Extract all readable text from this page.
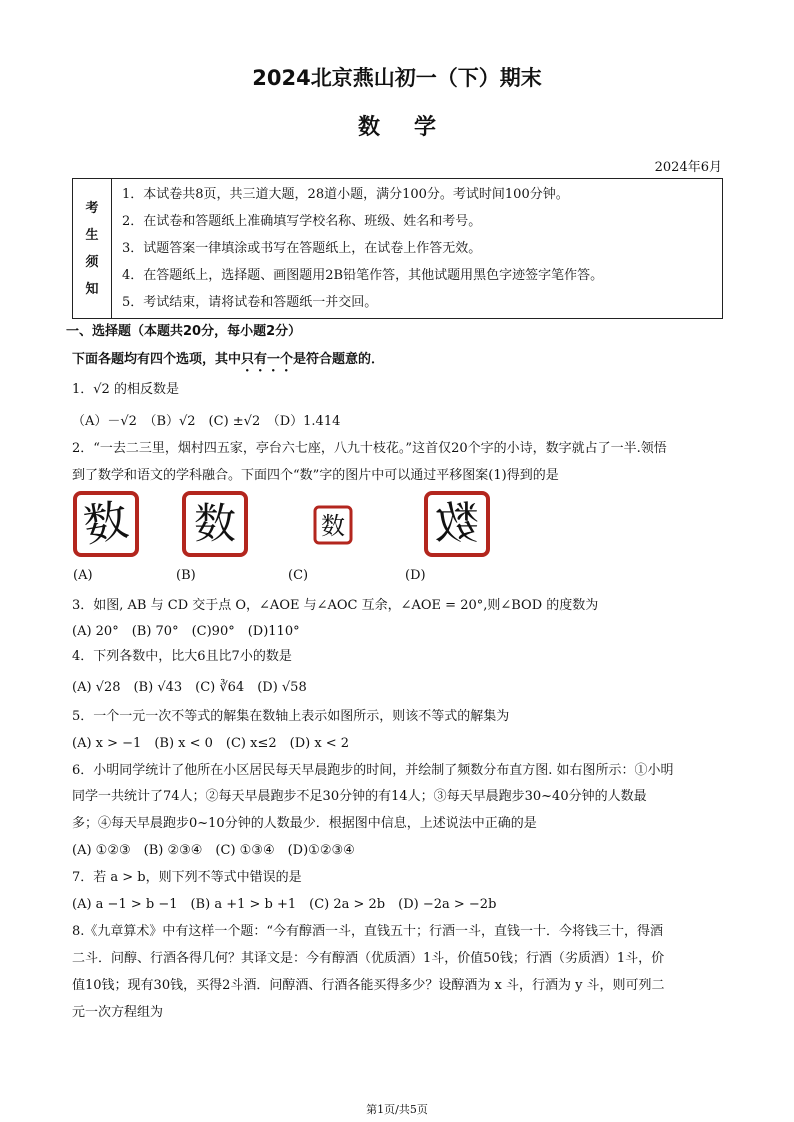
2024北京燕山初一（下）期末
数学
2024年6月
考
生
须
知

1．本试卷共8页，共三道大题，28道小题，满分100分。考试时间100分钟。
2．在试卷和答题纸上准确填写学校名称、班级、姓名和考号。
3．试题答案一律填涂或书写在答题纸上，在试卷上作答无效。
4．在答题纸上，选择题、画图题用2B铅笔作答，其他试题用黑色字迹签字笔作答。
5．考试结束，请将试卷和答题纸一并交回。
一、选择题（本题共20分，每小题2分）
下面各题均有四个选项，其中只有一个是符合题意的．
1．√2 的相反数是
（A）－√2　（B）√2　(C) ±√2　（D）1.414
2．“一去二三里，烟村四五家，亭台六七座，八九十枝花。”这首仅20个字的小诗，数字就占了一半.领悟
到了数学和语文的学科融合。下面四个“数”字的图片中可以通过平移图案(1)得到的是
数 数	数 数
(A)	(B)	(C)	(D)
3．如图, AB 与 CD 交于点 O，∠AOE 与∠AOC 互余，∠AOE = 20°,则∠BOD 的度数为
(A) 20°　(B) 70°　(C)90°　(D)110°
4．下列各数中，比大6且比7小的数是
(A) √28　(B) √43　(C) ∛64　(D) √58
5．一个一元一次不等式的解集在数轴上表示如图所示，则该不等式的解集为
(A) x > −1　(B) x < 0　(C) x≤2　(D) x < 2
6．小明同学统计了他所在小区居民每天早晨跑步的时间，并绘制了频数分布直方图. 如右图所示：①小明
同学一共统计了74人；②每天早晨跑步不足30分钟的有14人；③每天早晨跑步30~40分钟的人数最
多；④每天早晨跑步0~10分钟的人数最少．根据图中信息，上述说法中正确的是
(A) ①②③　(B) ②③④　(C) ①③④　(D)①②③④
7．若 a > b，则下列不等式中错误的是
(A) a −1 > b −1　(B) a +1 > b +1　(C) 2a > 2b　(D) −2a > −2b
8.《九章算术》中有这样一个题：“今有醇酒一斗，直钱五十；行酒一斗，直钱一十．今将钱三十，得酒
二斗．问醇、行酒各得几何？其译文是：今有醇酒（优质酒）1斗，价值50钱；行酒（劣质酒）1斗，价
值10钱；现有30钱，买得2斗酒．问醇酒、行酒各能买得多少？设醇酒为 x 斗，行酒为 y 斗，则可列二
元一次方程组为
第1页/共5页
